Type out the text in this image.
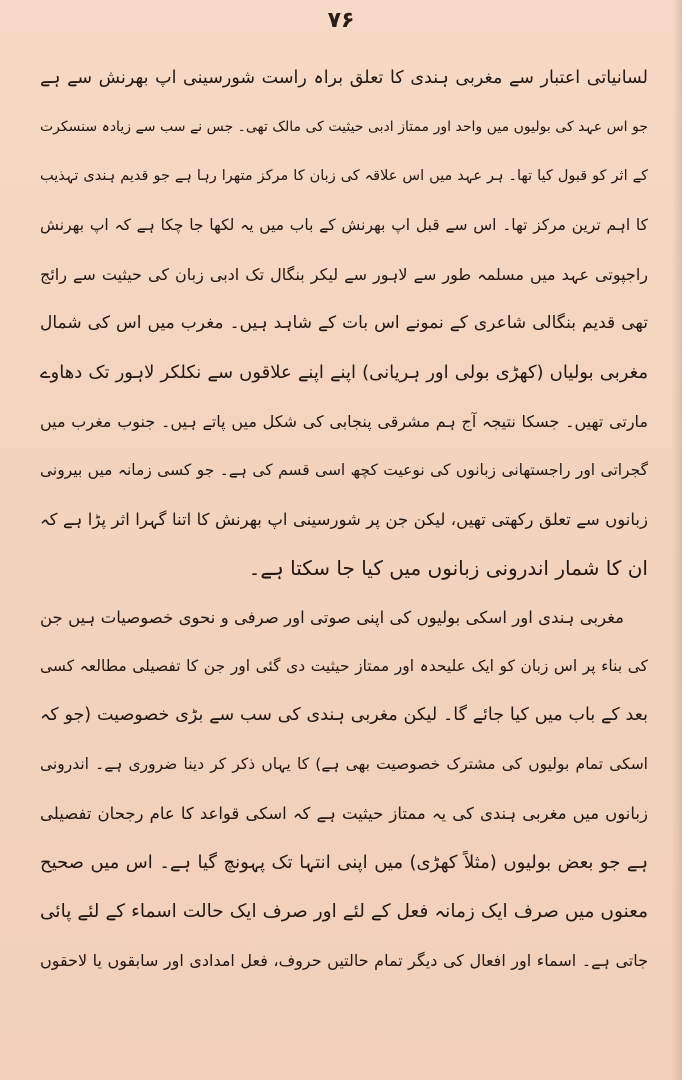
۷۶
لسانیاتی اعتبار سے مغربی ہندی کا تعلق براہ راست شورسینی اپ بھرنش سے ہے
جو اس عہد کی بولیوں میں واحد اور ممتاز ادبی حیثیت کی مالک تھی۔ جس نے سب سے زیادہ سنسکرت
کے اثر کو قبول کیا تھا۔ ہر عہد میں اس علاقہ کی زبان کا مرکز متھرا رہا ہے جو قدیم ہندی تہذیب
کا اہم ترین مرکز تھا۔ اس سے قبل اپ بھرنش کے باب میں یہ لکھا جا چکا ہے کہ اپ بھرنش
راجپوتی عہد میں مسلمہ طور سے لاہور سے لیکر بنگال تک ادبی زبان کی حیثیت سے رائج
تھی قدیم بنگالی شاعری کے نمونے اس بات کے شاہد ہیں۔ مغرب میں اس کی شمال
مغربی بولیاں (کھڑی بولی اور ہریانی) اپنے اپنے علاقوں سے نکلکر لاہور تک دھاوے
مارتی تھیں۔ جسکا نتیجہ آج ہم مشرقی پنجابی کی شکل میں پاتے ہیں۔ جنوب مغرب میں
گجراتی اور راجستھانی زبانوں کی نوعیت کچھ اسی قسم کی ہے۔ جو کسی زمانہ میں بیرونی
زبانوں سے تعلق رکھتی تھیں، لیکن جن پر شورسینی اپ بھرنش کا اتنا گہرا اثر پڑا ہے کہ
ان کا شمار اندرونی زبانوں میں کیا جا سکتا ہے۔
مغربی ہندی اور اسکی بولیوں کی اپنی صوتی اور صرفی و نحوی خصوصیات ہیں جن
کی بناء پر اس زبان کو ایک علیحدہ اور ممتاز حیثیت دی گئی اور جن کا تفصیلی مطالعہ کسی
بعد کے باب میں کیا جائے گا۔ لیکن مغربی ہندی کی سب سے بڑی خصوصیت (جو کہ
اسکی تمام بولیوں کی مشترک خصوصیت بھی ہے) کا یہاں ذکر کر دینا ضروری ہے۔ اندرونی
زبانوں میں مغربی ہندی کی یہ ممتاز حیثیت ہے کہ اسکی قواعد کا عام رجحان تفصیلی
ہے جو بعض بولیوں (مثلاً کھڑی) میں اپنی انتہا تک پہونچ گیا ہے۔ اس میں صحیح
معنوں میں صرف ایک زمانہ فعل کے لئے اور صرف ایک حالت اسماء کے لئے پائی
جاتی ہے۔ اسماء اور افعال کی دیگر تمام حالتیں حروف، فعل امدادی اور سابقوں یا لاحقوں
